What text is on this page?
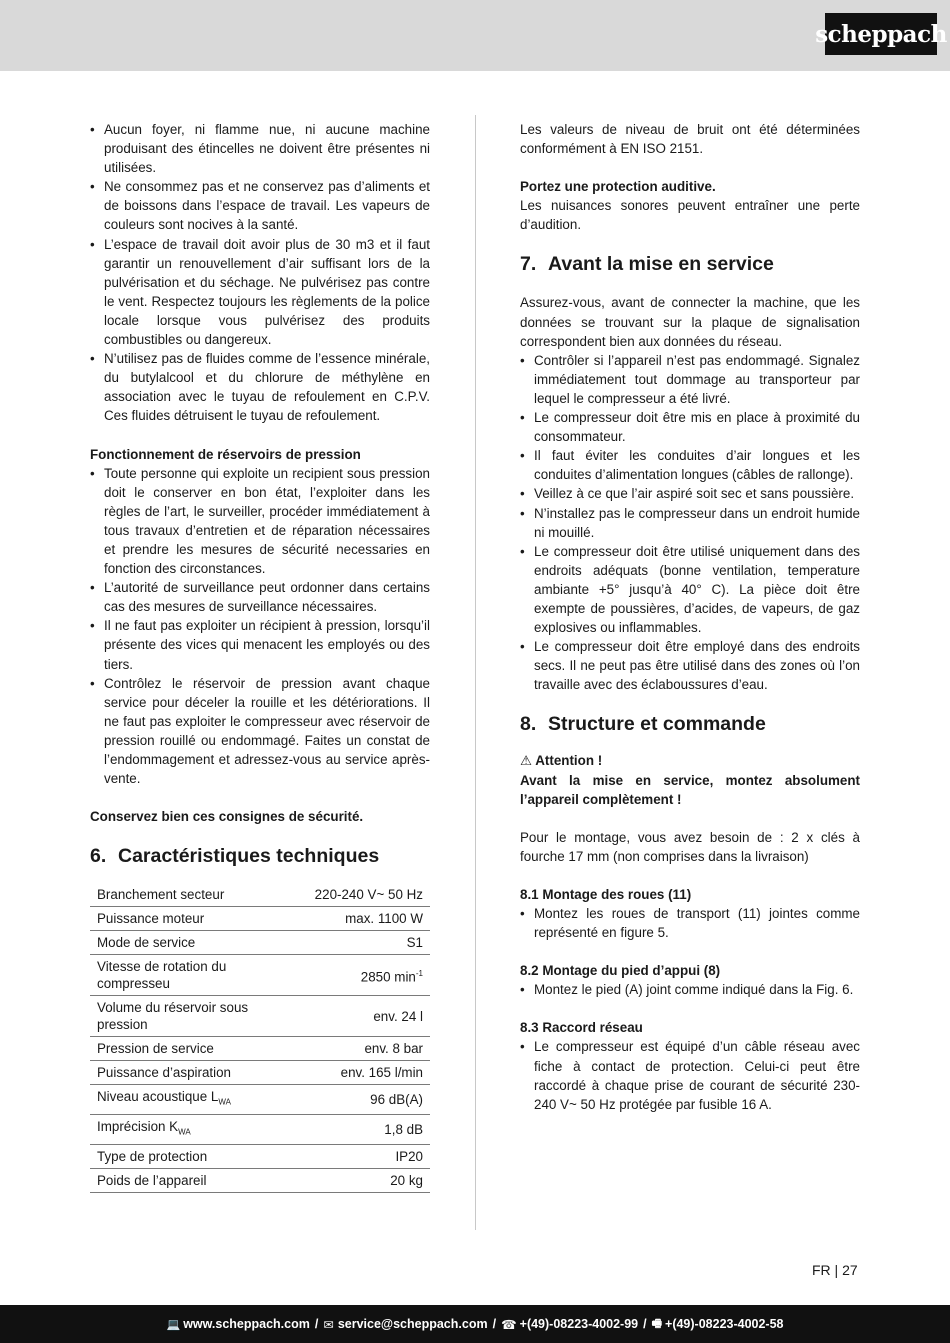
scheppach
• Aucun foyer, ni flamme nue, ni aucune machine produisant des étincelles ne doivent être présentes ni utilisées.
• Ne consommez pas et ne conservez pas d’aliments et de boissons dans l’espace de travail. Les vapeurs de couleurs sont nocives à la santé.
• L’espace de travail doit avoir plus de 30 m3 et il faut garantir un renouvellement d’air suffisant lors de la pulvérisation et du séchage. Ne pulvérisez pas contre le vent. Respectez toujours les règlements de la police locale lorsque vous pulvérisez des produits combustibles ou dangereux.
• N’utilisez pas de fluides comme de l’essence minérale, du butylalcool et du chlorure de méthylène en association avec le tuyau de refoulement en C.P.V. Ces fluides détruisent le tuyau de refoulement.

Fonctionnement de réservoirs de pression

• Toute personne qui exploite un recipient sous pression doit le conserver en bon état, l’exploiter dans les règles de l’art, le surveiller, procéder immédiatement à tous travaux d’entretien et de réparation nécessaires et prendre les mesures de sécurité necessaries en fonction des circonstances.
• L’autorité de surveillance peut ordonner dans certains cas des mesures de surveillance nécessaires.
• Il ne faut pas exploiter un récipient à pression, lorsqu’il présente des vices qui menacent les employés ou des tiers.
• Contrôlez le réservoir de pression avant chaque service pour déceler la rouille et les détériorations. Il ne faut pas exploiter le compresseur avec réservoir de pression rouillé ou endommagé. Faites un constat de l’endommagement et adressez-vous au service après-vente.

Conservez bien ces consignes de sécurité.

6. Caractéristiques techniques
Branchement secteur	220-240 V~ 50 Hz
Puissance moteur	max. 1100 W
Mode de service	S1
Vitesse de rotation du compresseu	2850 $\min^{-1}$
Volume du réservoir sous pression	env. 24 l
Pression de service	env. 8 bar
Puissance d’aspiration	env. 165 l/min
Niveau acoustique $L_{WA}$	96 dB(A)
Imprécision $K_{WA}$	1,8 dB
Type de protection	IP20
Poids de l’appareil	20 kg

Les valeurs de niveau de bruit ont été déterminées conformément à EN ISO 2151.

Portez une protection auditive.

Les nuisances sonores peuvent entraîner une perte d’audition.

7. Avant la mise en service

Assurez-vous, avant de connecter la machine, que les données se trouvant sur la plaque de signalisation correspondent bien aux données du réseau.

• Contrôler si l’appareil n’est pas endommagé. Signalez immédiatement tout dommage au transporteur par lequel le compresseur a été livré.
• Le compresseur doit être mis en place à proximité du consommateur.
• Il faut éviter les conduites d’air longues et les conduites d’alimentation longues (câbles de rallonge).
• Veillez à ce que l’air aspiré soit sec et sans poussière.
• N’installez pas le compresseur dans un endroit humide ni mouillé.
• Le compresseur doit être utilisé uniquement dans des endroits adéquats (bonne ventilation, temperature ambiante +5° jusqu’à 40° C). La pièce doit être exempte de poussières, d’acides, de vapeurs, de gaz explosives ou inflammables.
• Le compresseur doit être employé dans des endroits secs. Il ne peut pas être utilisé dans des zones où l’on travaille avec des éclaboussures d’eau.
8. Structure et commande

⚠ Attention !

Avant la mise en service, montez absolument l’appareil complètement !

Pour le montage, vous avez besoin de : 2 x clés à fourche 17 mm (non comprises dans la livraison)

8.1 Montage des roues (11)

• Montez les roues de transport (11) jointes comme représenté en figure 5.

8.2 Montage du pied d’appui (8)

• Montez le pied (A) joint comme indiqué dans la Fig. 6.

8.3 Raccord réseau

• Le compresseur est équipé d’un câble réseau avec fiche à contact de protection. Celui-ci peut être raccordé à chaque prise de courant de sécurité 230-240 V~ 50 Hz protégée par fusible 16 A.
FR | 27
💻 www.scheppach.com / ✉ service@scheppach.com / ☎ +(49)-08223-4002-99 / 🖷 +(49)-08223-4002-58
